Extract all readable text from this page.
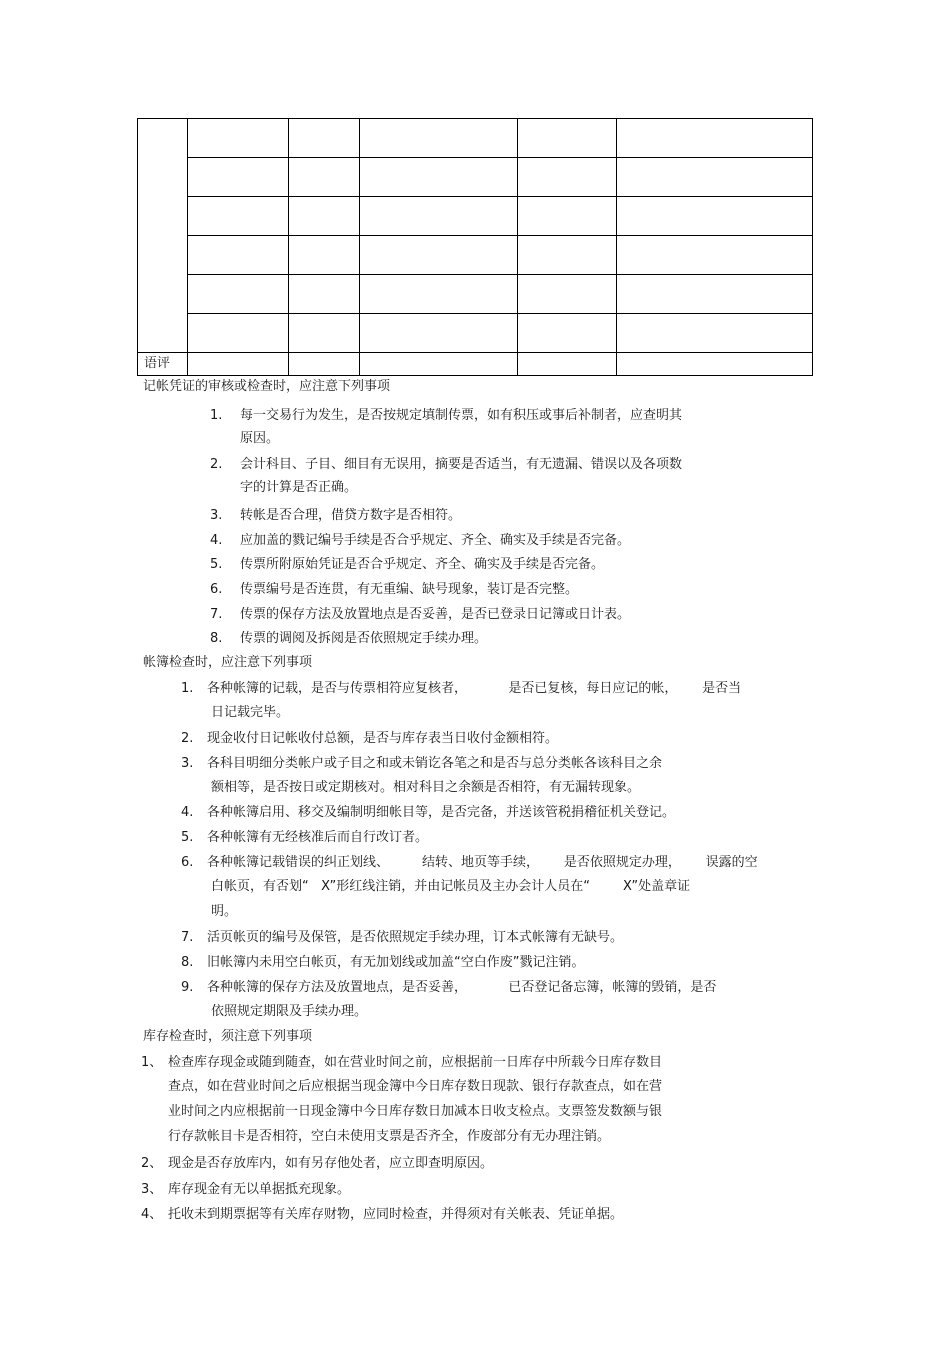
语评
记帐凭证的审核或检查时，应注意下列事项
1. 每一交易行为发生，是否按规定填制传票，如有积压或事后补制者，应查明其
原因。
2. 会计科目、子目、细目有无误用，摘要是否适当，有无遗漏、错误以及各项数
字的计算是否正确。
3. 转帐是否合理，借贷方数字是否相符。
4. 应加盖的戮记编号手续是否合乎规定、齐全、确实及手续是否完备。
5. 传票所附原始凭证是否合乎规定、齐全、确实及手续是否完备。
6. 传票编号是否连贯，有无重编、缺号现象，装订是否完整。
7. 传票的保存方法及放置地点是否妥善，是否已登录日记簿或日计表。
8. 传票的调阅及拆阅是否依照规定手续办理。
帐簿检查时，应注意下列事项
1. 各种帐簿的记载，是否与传票相符应复核者，          是否已复核，每日应记的帐，      是否当
日记载完毕。
2. 现金收付日记帐收付总额，是否与库存表当日收付金额相符。
3. 各科目明细分类帐户或子目之和或未销讫各笔之和是否与总分类帐各该科目之余
额相等，是否按日或定期核对。相对科目之余额是否相符，有无漏转现象。
4. 各种帐簿启用、移交及编制明细帐目等，是否完备，并送该管税捐稽征机关登记。
5. 各种帐簿有无经核准后而自行改订者。
6. 各种帐簿记载错误的纠正划线、        结转、地页等手续，      是否依照规定办理，      误露的空
白帐页，有否划“   X”形红线注销，并由记帐员及主办会计人员在“        X”处盖章证
明。
7. 活页帐页的编号及保管，是否依照规定手续办理，订本式帐簿有无缺号。
8. 旧帐簿内未用空白帐页，有无加划线或加盖“空白作废”戮记注销。
9. 各种帐簿的保存方法及放置地点，是否妥善，          已否登记备忘簿，帐簿的毁销，是否
依照规定期限及手续办理。
库存检查时，须注意下列事项
1、 检查库存现金或随到随查，如在营业时间之前，应根据前一日库存中所载今日库存数目
查点，如在营业时间之后应根据当现金簿中今日库存数日现款、银行存款查点，如在营
业时间之内应根据前一日现金簿中今日库存数日加减本日收支检点。支票签发数额与银
行存款帐目卡是否相符，空白未使用支票是否齐全，作废部分有无办理注销。
2、 现金是否存放库内，如有另存他处者，应立即查明原因。
3、 库存现金有无以单据抵充现象。
4、 托收未到期票据等有关库存财物，应同时检查，并得须对有关帐表、凭证单据。
